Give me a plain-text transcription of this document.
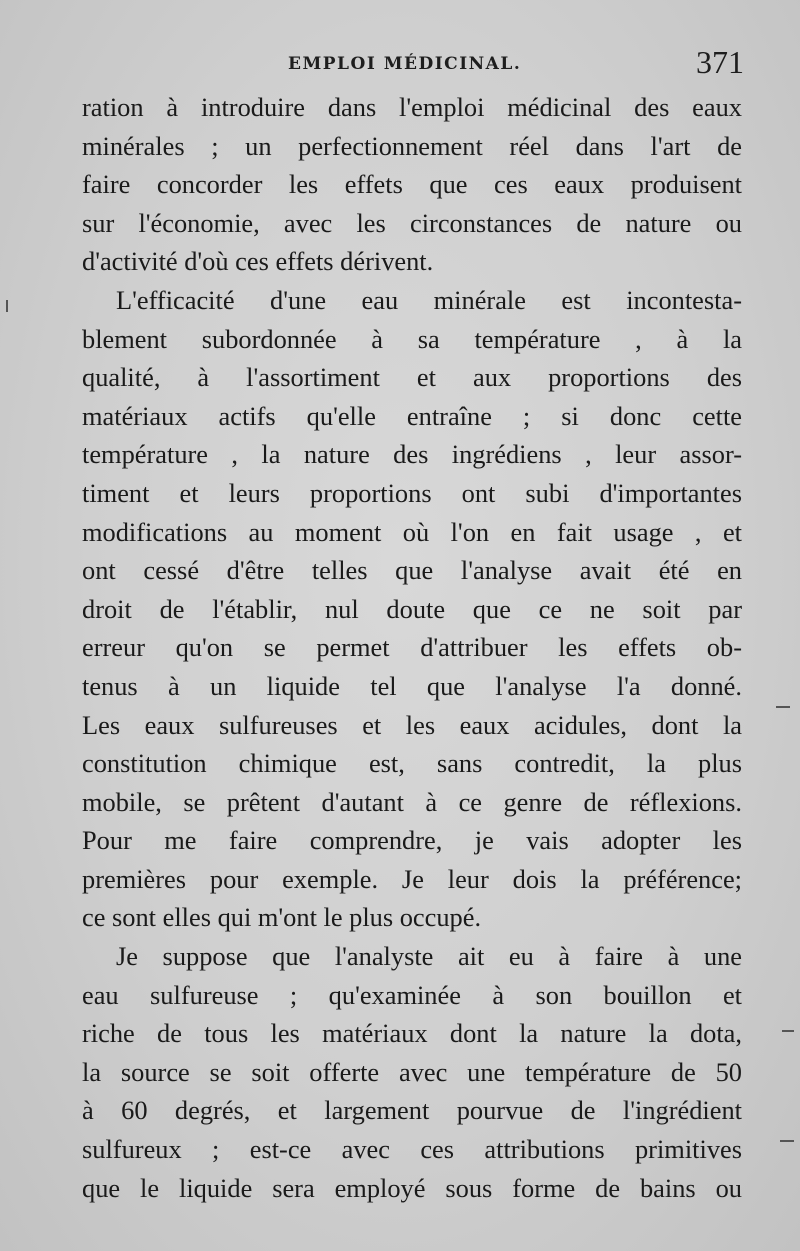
EMPLOI MÉDICINAL.	371
ration à introduire dans l'emploi médicinal des eaux
minérales ; un perfectionnement réel dans l'art de
faire concorder les effets que ces eaux produisent
sur l'économie, avec les circonstances de nature ou
d'activité d'où ces effets dérivent.
L'efficacité d'une eau minérale est incontesta-
blement subordonnée à sa température , à la
qualité, à l'assortiment et aux proportions des
matériaux actifs qu'elle entraîne ; si donc cette
température , la nature des ingrédiens , leur assor-
timent et leurs proportions ont subi d'importantes
modifications au moment où l'on en fait usage , et
ont cessé d'être telles que l'analyse avait été en
droit de l'établir, nul doute que ce ne soit par
erreur qu'on se permet d'attribuer les effets ob-
tenus à un liquide tel que l'analyse l'a donné.
Les eaux sulfureuses et les eaux acidules, dont la
constitution chimique est, sans contredit, la plus
mobile, se prêtent d'autant à ce genre de réflexions.
Pour me faire comprendre, je vais adopter les
premières pour exemple. Je leur dois la préférence;
ce sont elles qui m'ont le plus occupé.
Je suppose que l'analyste ait eu à faire à une
eau sulfureuse ; qu'examinée à son bouillon et
riche de tous les matériaux dont la nature la dota,
la source se soit offerte avec une température de 50
à 60 degrés, et largement pourvue de l'ingrédient
sulfureux ; est-ce avec ces attributions primitives
que le liquide sera employé sous forme de bains ou
